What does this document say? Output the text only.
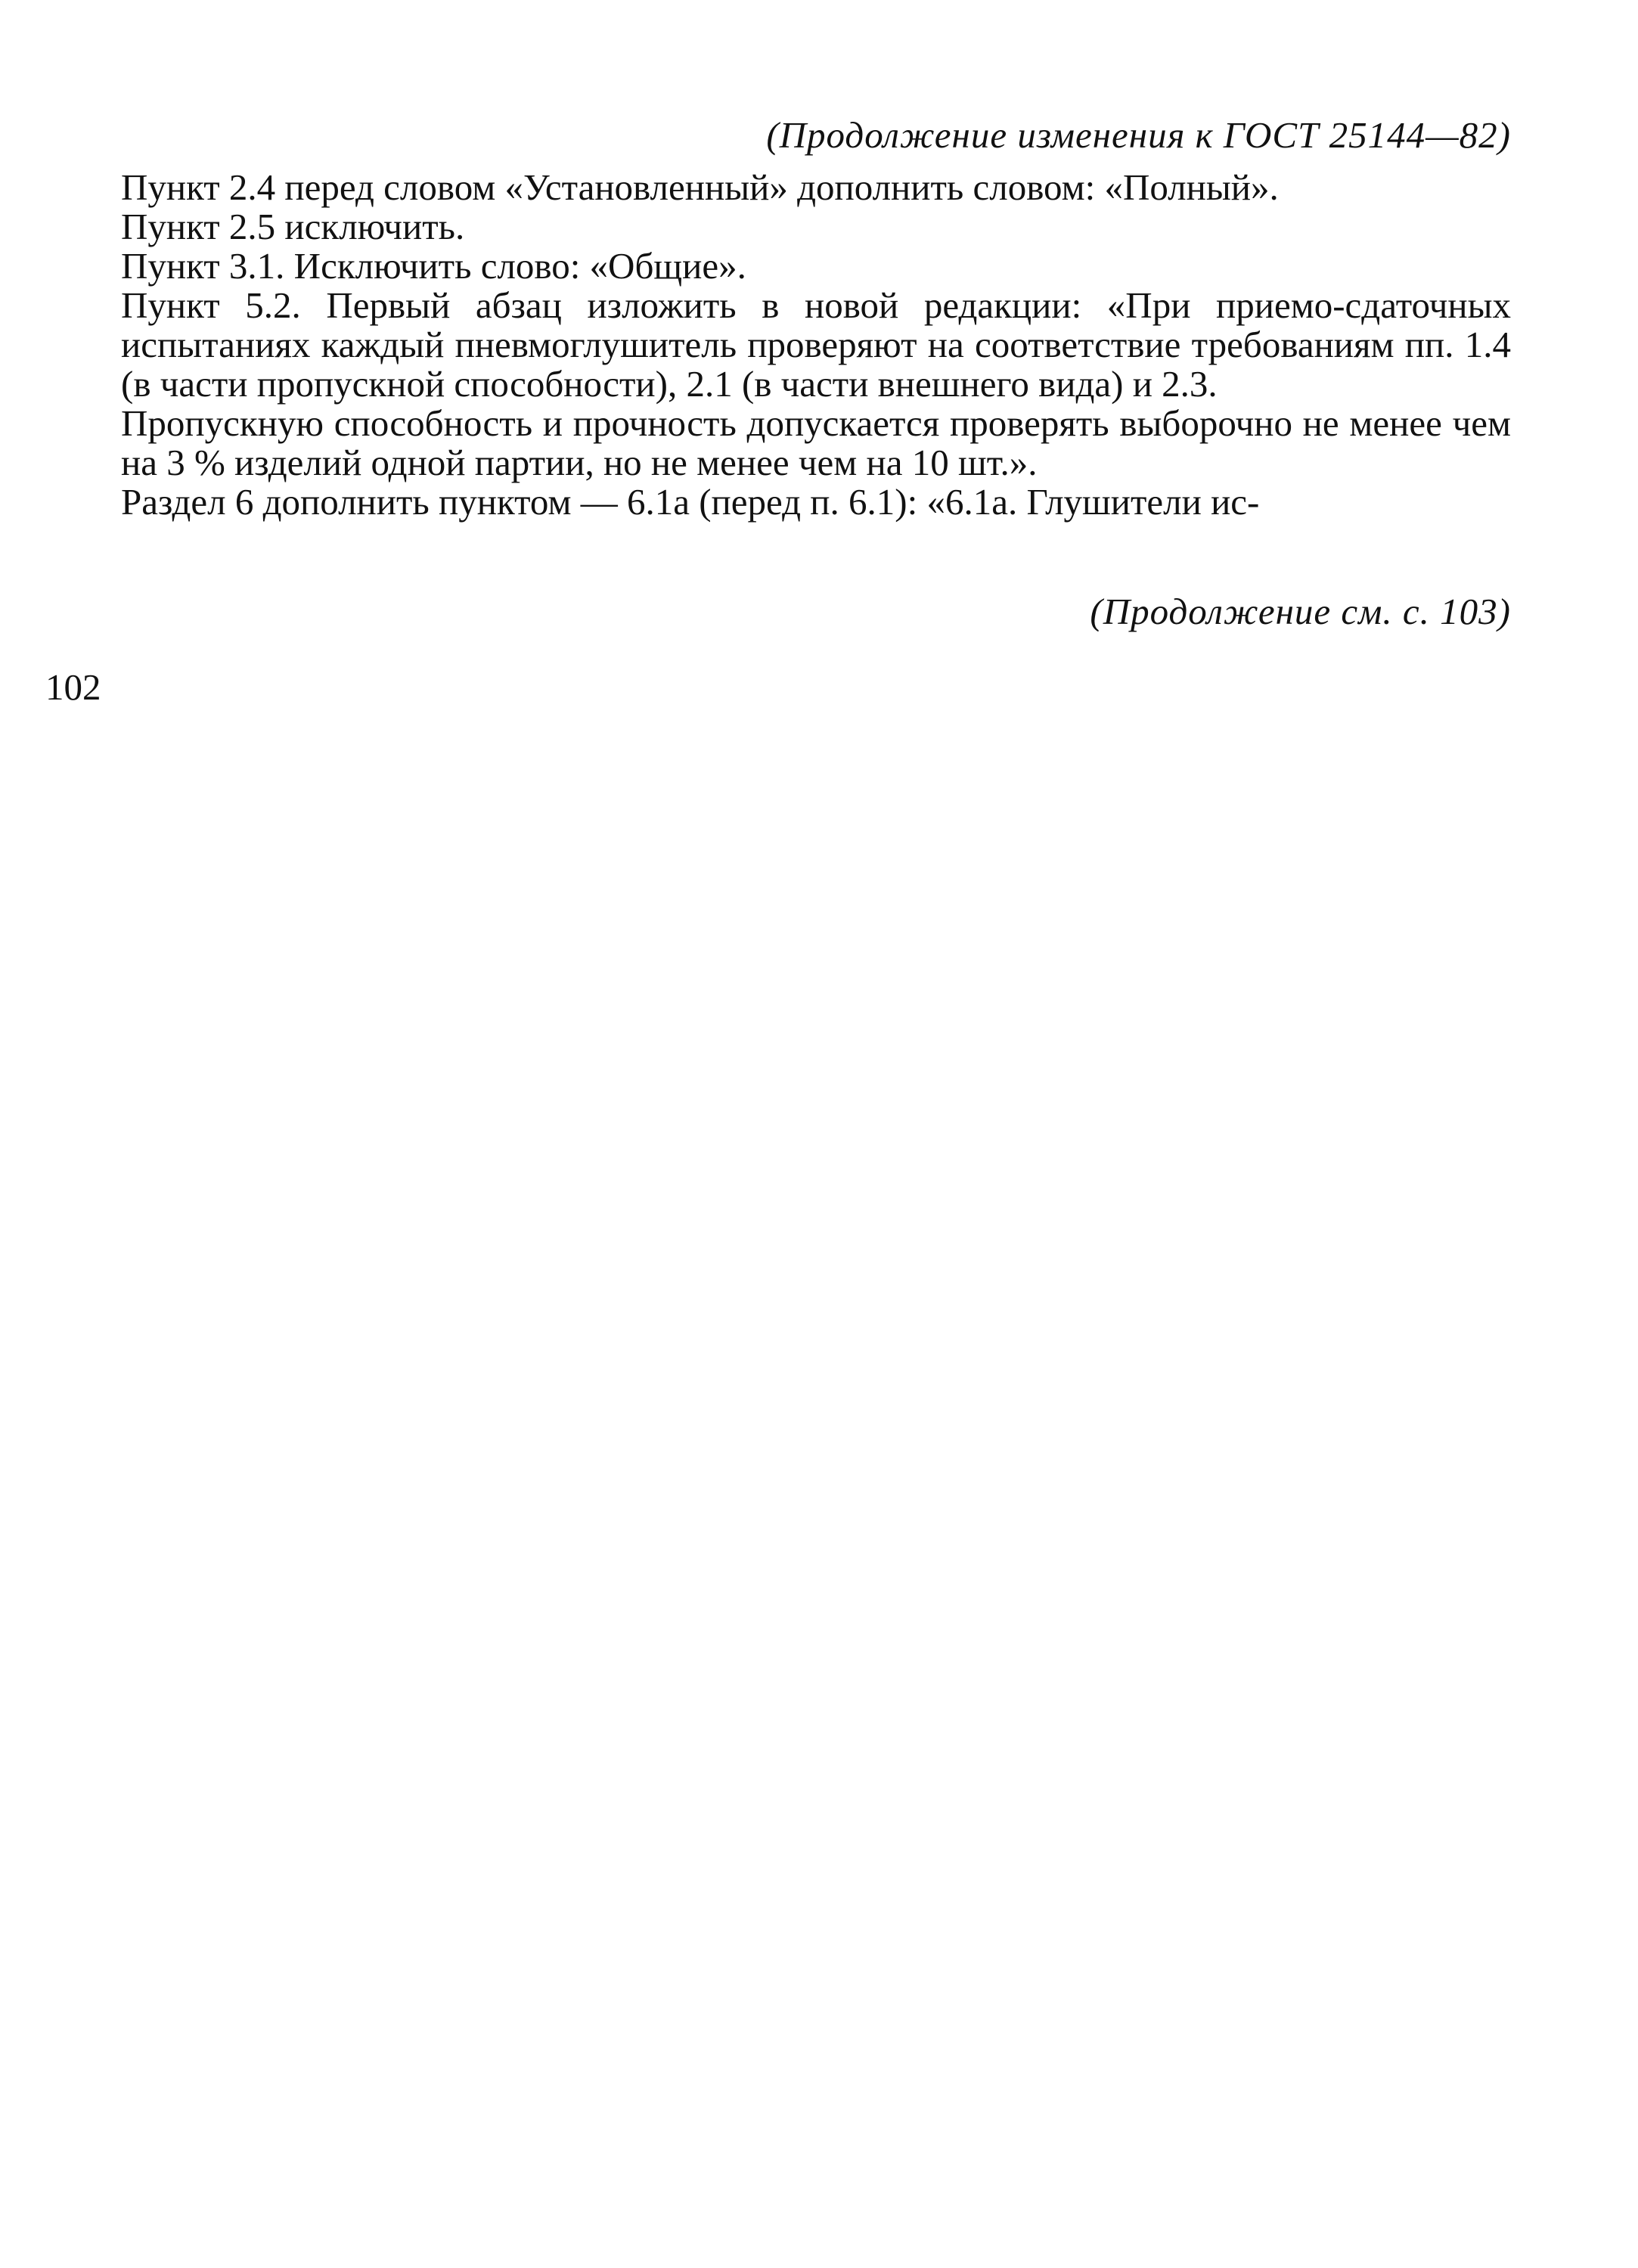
(Продолжение изменения к ГОСТ 25144—82)

Пункт 2.4 перед словом «Установленный» дополнить словом: «Полный».

Пункт 2.5 исключить.

Пункт 3.1. Исключить слово: «Общие».

Пункт 5.2. Первый абзац изложить в новой редакции: «При приемо-сдаточных испытаниях каждый пневмоглушитель проверяют на соответствие требованиям пп. 1.4 (в части пропускной способности), 2.1 (в части внешнего вида) и 2.3.

Пропускную способность и прочность допускается проверять выборочно не менее чем на 3 % изделий одной партии, но не менее чем на 10 шт.».

Раздел 6 дополнить пунктом — 6.1а (перед п. 6.1): «6.1а. Глушители ис-

(Продолжение см. с. 103)
102
